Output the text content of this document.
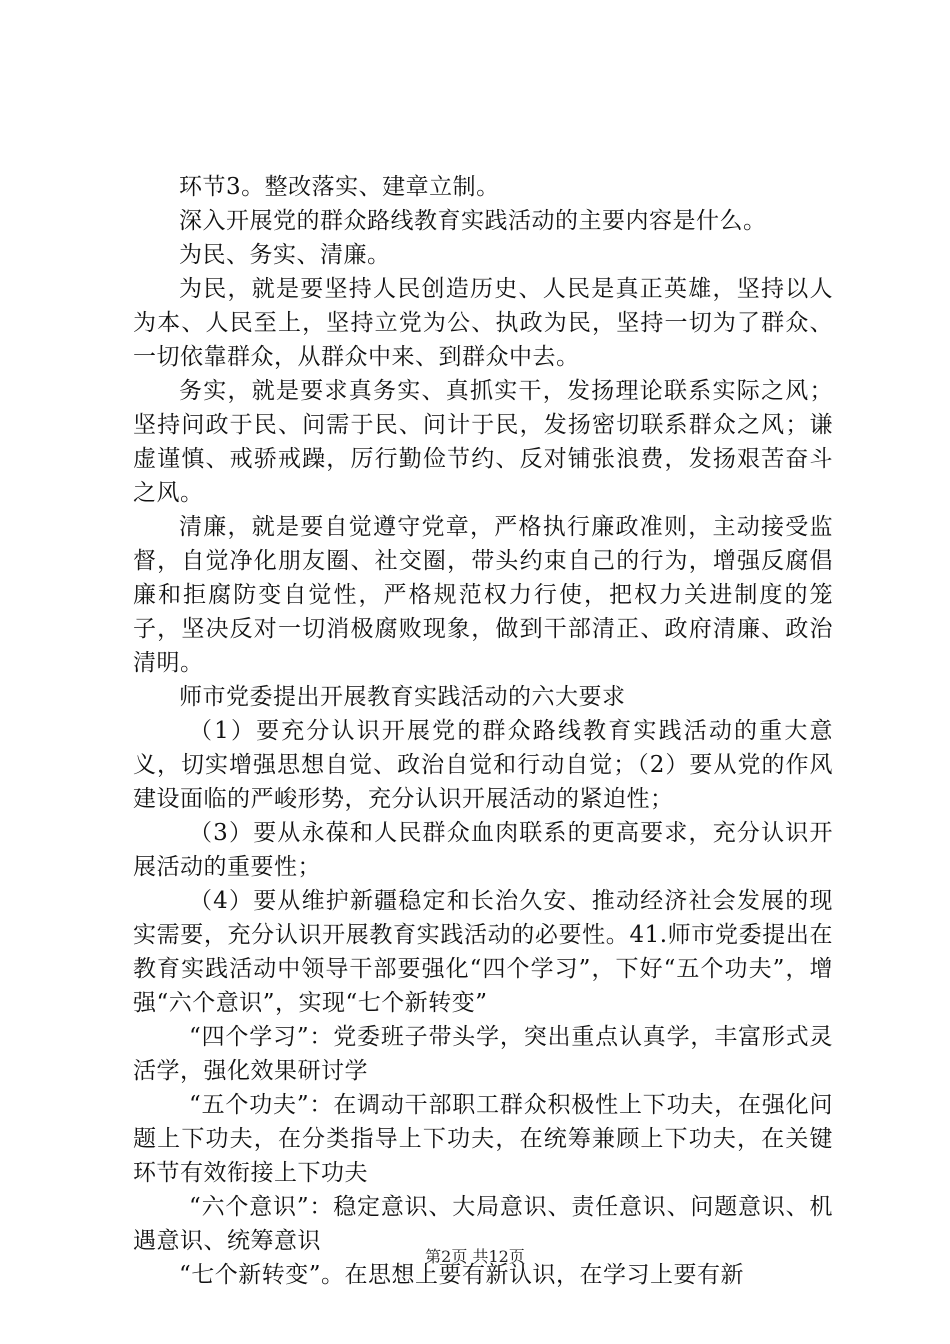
环节3。整改落实、建章立制。

深入开展党的群众路线教育实践活动的主要内容是什么。

为民、务实、清廉。

为民，就是要坚持人民创造历史、人民是真正英雄，坚持以人为本、人民至上，坚持立党为公、执政为民，坚持一切为了群众、一切依靠群众，从群众中来、到群众中去。

务实，就是要求真务实、真抓实干，发扬理论联系实际之风；坚持问政于民、问需于民、问计于民，发扬密切联系群众之风；谦虚谨慎、戒骄戒躁，厉行勤俭节约、反对铺张浪费，发扬艰苦奋斗之风。

清廉，就是要自觉遵守党章，严格执行廉政准则，主动接受监督，自觉净化朋友圈、社交圈，带头约束自己的行为，增强反腐倡廉和拒腐防变自觉性，严格规范权力行使，把权力关进制度的笼子，坚决反对一切消极腐败现象，做到干部清正、政府清廉、政治清明。

师市党委提出开展教育实践活动的六大要求

（1）要充分认识开展党的群众路线教育实践活动的重大意义，切实增强思想自觉、政治自觉和行动自觉；（2）要从党的作风建设面临的严峻形势，充分认识开展活动的紧迫性；

（3）要从永葆和人民群众血肉联系的更高要求，充分认识开展活动的重要性；

（4）要从维护新疆稳定和长治久安、推动经济社会发展的现实需要，充分认识开展教育实践活动的必要性。41.师市党委提出在教育实践活动中领导干部要强化“四个学习”，下好“五个功夫”，增强“六个意识”，实现“七个新转变”

“四个学习”：党委班子带头学，突出重点认真学，丰富形式灵活学，强化效果研讨学

“五个功夫”：在调动干部职工群众积极性上下功夫，在强化问题上下功夫，在分类指导上下功夫，在统筹兼顾上下功夫，在关键环节有效衔接上下功夫

“六个意识”：稳定意识、大局意识、责任意识、问题意识、机遇意识、统筹意识

“七个新转变”。在思想上要有新认识，在学习上要有新

第2页 共12页
